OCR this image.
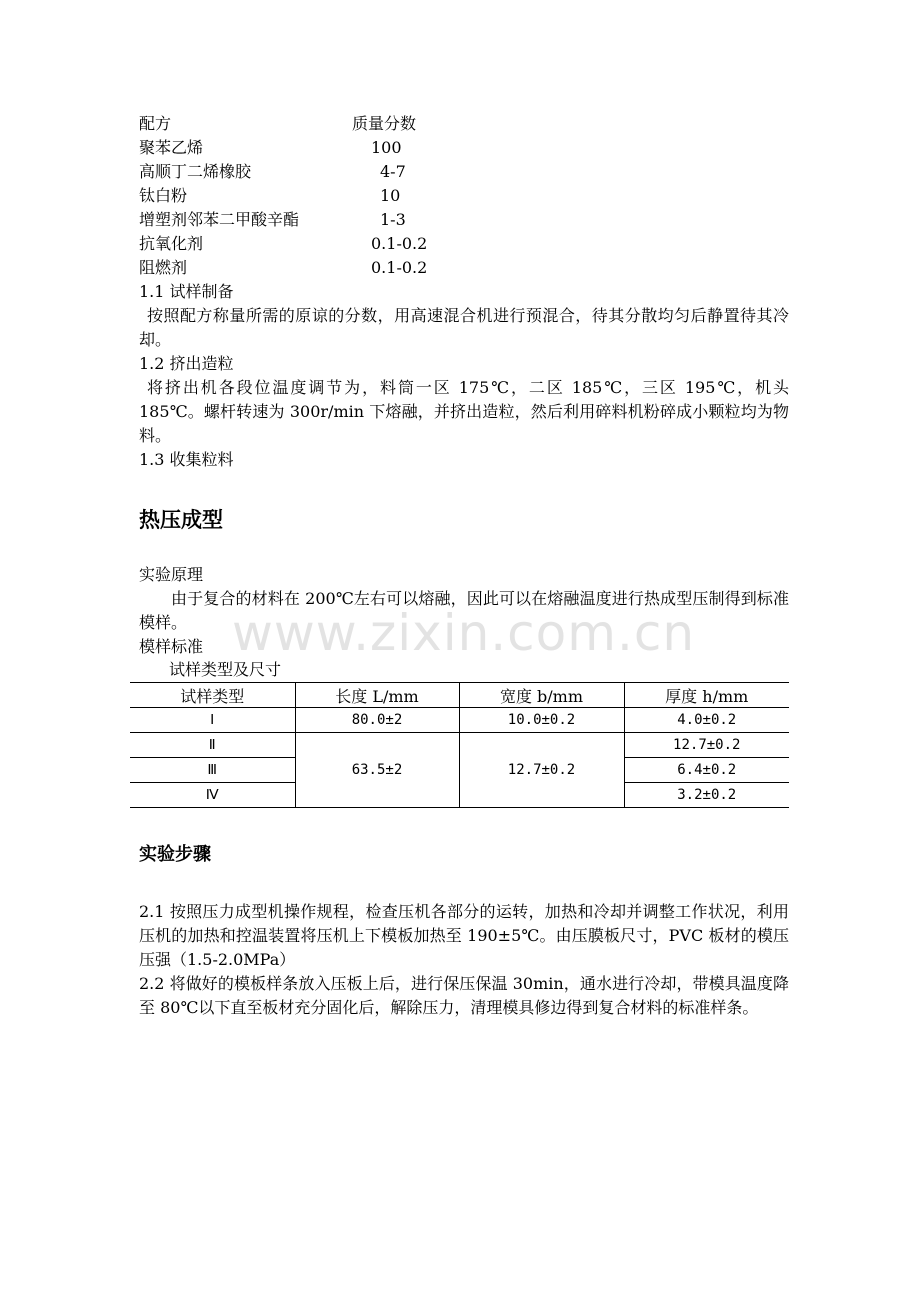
www.zixin.com.cn
配方	质量分数
聚苯乙烯	100
高顺丁二烯橡胶	4-7
钛白粉	10
增塑剂邻苯二甲酸辛酯	1-3
抗氧化剂	0.1-0.2
阻燃剂	0.1-0.2
1.1 试样制备
按照配方称量所需的原谅的分数，用高速混合机进行预混合，待其分散均匀后静置待其冷却。
1.2 挤出造粒
将挤出机各段位温度调节为，料筒一区 175℃，二区 185℃，三区 195℃，机头 185℃。螺杆转速为 300r/min 下熔融，并挤出造粒，然后利用碎料机粉碎成小颗粒均为物料。
1.3 收集粒料
热压成型
实验原理
由于复合的材料在 200℃左右可以熔融，因此可以在熔融温度进行热成型压制得到标准模样。
模样标准
试样类型及尺寸
试样类型	长度 L/mm	宽度 b/mm	厚度 h/mm
Ⅰ	80.0±2	10.0±0.2	4.0±0.2
Ⅱ	63.5±2	12.7±0.2	12.7±0.2
Ⅲ			6.4±0.2
Ⅳ			3.2±0.2
实验步骤
2.1 按照压力成型机操作规程，检查压机各部分的运转，加热和冷却并调整工作状况，利用压机的加热和控温装置将压机上下模板加热至 190±5℃。由压膜板尺寸，PVC 板材的模压压强（1.5-2.0MPa）
2.2 将做好的模板样条放入压板上后，进行保压保温 30min，通水进行冷却，带模具温度降至 80℃以下直至板材充分固化后，解除压力，清理模具修边得到复合材料的标准样条。
